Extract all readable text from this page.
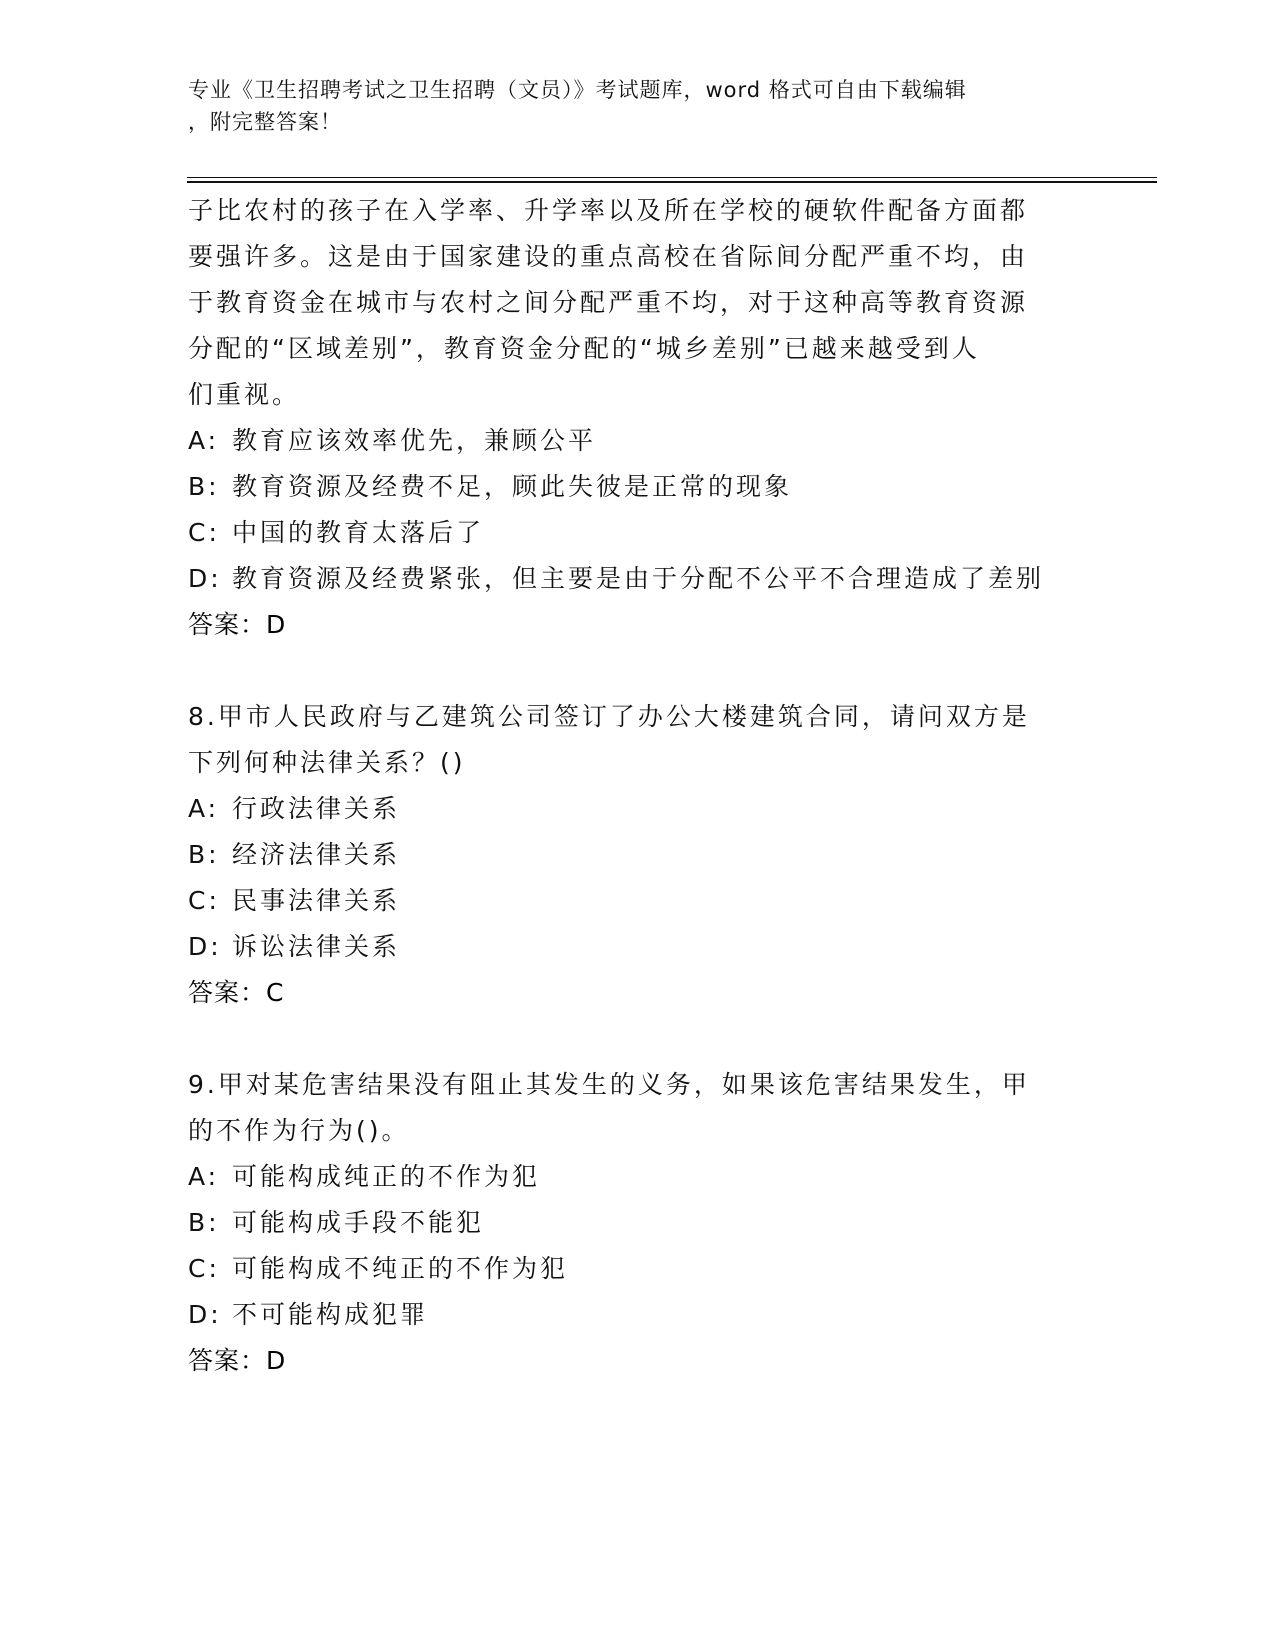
专业《卫生招聘考试之卫生招聘（文员）》考试题库，word 格式可自由下载编辑
，附完整答案！
子比农村的孩子在入学率、升学率以及所在学校的硬软件配备方面都
要强许多。这是由于国家建设的重点高校在省际间分配严重不均，由
于教育资金在城市与农村之间分配严重不均，对于这种高等教育资源
分配的“区域差别”，教育资金分配的“城乡差别”已越来越受到人
们重视。
A: 教育应该效率优先，兼顾公平
B: 教育资源及经费不足，顾此失彼是正常的现象
C: 中国的教育太落后了
D: 教育资源及经费紧张，但主要是由于分配不公平不合理造成了差别
答案：D
8.甲市人民政府与乙建筑公司签订了办公大楼建筑合同，请问双方是
下列何种法律关系？()
A: 行政法律关系
B: 经济法律关系
C: 民事法律关系
D: 诉讼法律关系
答案：C
9.甲对某危害结果没有阻止其发生的义务，如果该危害结果发生，甲
的不作为行为()。
A: 可能构成纯正的不作为犯
B: 可能构成手段不能犯
C: 可能构成不纯正的不作为犯
D: 不可能构成犯罪
答案：D
